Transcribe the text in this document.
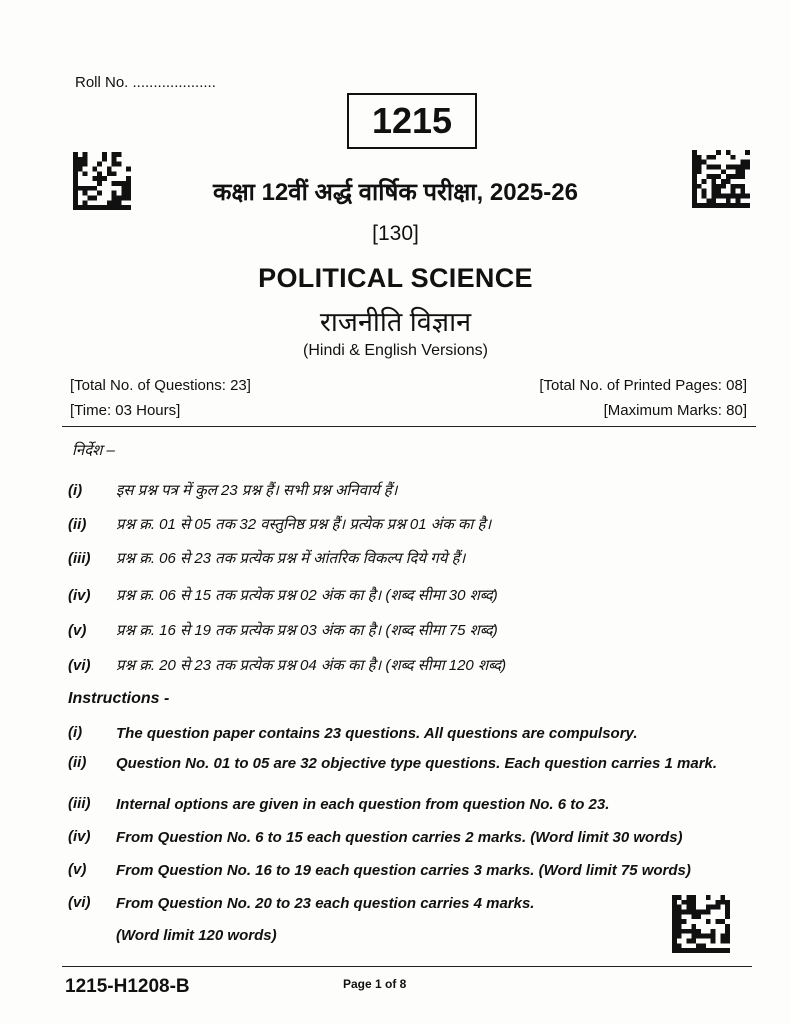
Roll No. ....................
1215
कक्षा 12वीं अर्द्ध वार्षिक परीक्षा, 2025-26
[130]
POLITICAL SCIENCE
राजनीति विज्ञान
(Hindi & English Versions)
[Total No. of Questions: 23]	[Total No. of Printed Pages: 08]
[Time: 03 Hours]	[Maximum Marks: 80]
निर्देश –
(i) इस प्रश्न पत्र में कुल 23 प्रश्न हैं। सभी प्रश्न अनिवार्य हैं।
(ii) प्रश्न क्र. 01 से 05 तक 32 वस्तुनिष्ठ प्रश्न हैं। प्रत्येक प्रश्न 01 अंक का है।
(iii) प्रश्न क्र. 06 से 23 तक प्रत्येक प्रश्न में आंतरिक विकल्प दिये गये हैं।
(iv) प्रश्न क्र. 06 से 15 तक प्रत्येक प्रश्न 02 अंक का है। (शब्द सीमा 30 शब्द)
(v) प्रश्न क्र. 16 से 19 तक प्रत्येक प्रश्न 03 अंक का है। (शब्द सीमा 75 शब्द)
(vi) प्रश्न क्र. 20 से 23 तक प्रत्येक प्रश्न 04 अंक का है। (शब्द सीमा 120 शब्द)
Instructions -
(i) The question paper contains 23 questions. All questions are compulsory.
(ii) Question No. 01 to 05 are 32 objective type questions. Each question carries 1 mark.
(iii) Internal options are given in each question from question No. 6 to 23.
(iv) From Question No. 6 to 15 each question carries 2 marks. (Word limit 30 words)
(v) From Question No. 16 to 19 each question carries 3 marks. (Word limit 75 words)
(vi) From Question No. 20 to 23 each question carries 4 marks.
(Word limit 120 words)
1215-H1208-B	Page 1 of 8
